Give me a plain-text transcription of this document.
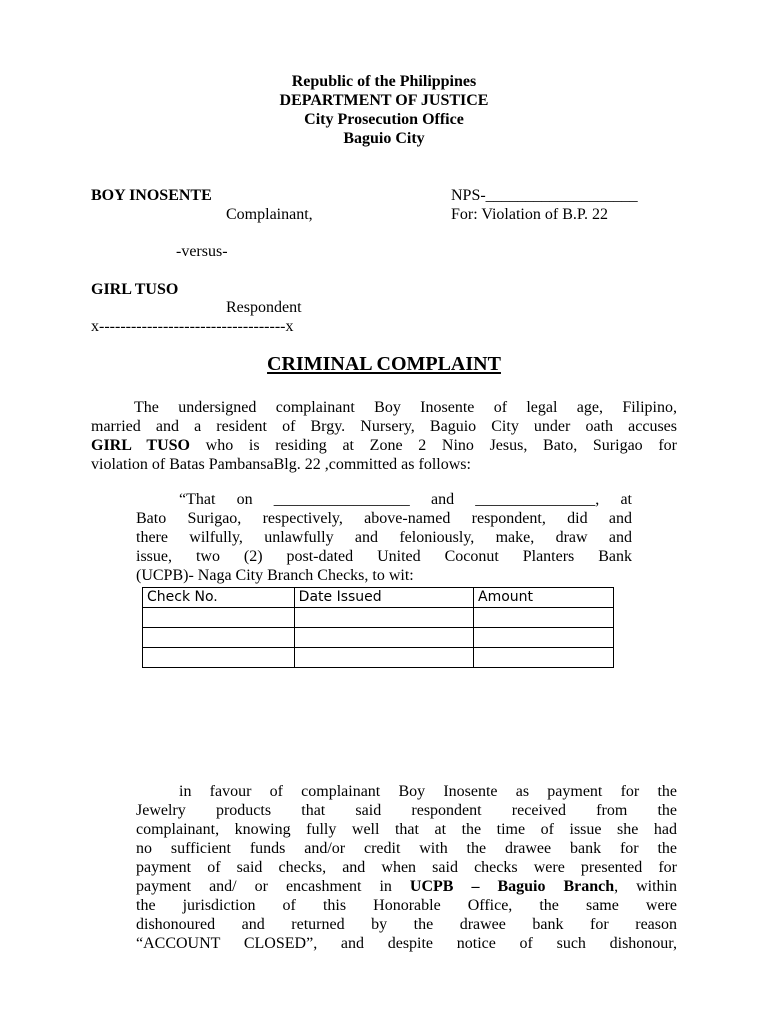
Republic of the Philippines
DEPARTMENT OF JUSTICE
City Prosecution Office
Baguio City
BOY INOSENTE
Complainant,
NPS-___________________
For: Violation of B.P. 22
-versus-
GIRL TUSO
Respondent
x-----------------------------------x
CRIMINAL COMPLAINT
The undersigned complainant Boy Inosente of legal age, Filipino,
married and a resident of Brgy. Nursery, Baguio City under oath accuses
GIRL TUSO who is residing at Zone 2 Nino Jesus, Bato, Surigao for
violation of Batas PambansaBlg. 22 ,committed as follows:
“That on _________________ and _______________, at
Bato Surigao, respectively, above-named respondent, did and
there wilfully, unlawfully and feloniously, make, draw and
issue, two (2) post-dated United Coconut Planters Bank
(UCPB)- Naga City Branch Checks, to wit:
Check No.	Date Issued	Amount

in favour of complainant Boy Inosente as payment for the
Jewelry products that said respondent received from the
complainant, knowing fully well that at the time of issue she had
no sufficient funds and/or credit with the drawee bank for the
payment of said checks, and when said checks were presented for
payment and/ or encashment in UCPB – Baguio Branch, within
the jurisdiction of this Honorable Office, the same were
dishonoured and returned by the drawee bank for reason
“ACCOUNT CLOSED”, and despite notice of such dishonour,
